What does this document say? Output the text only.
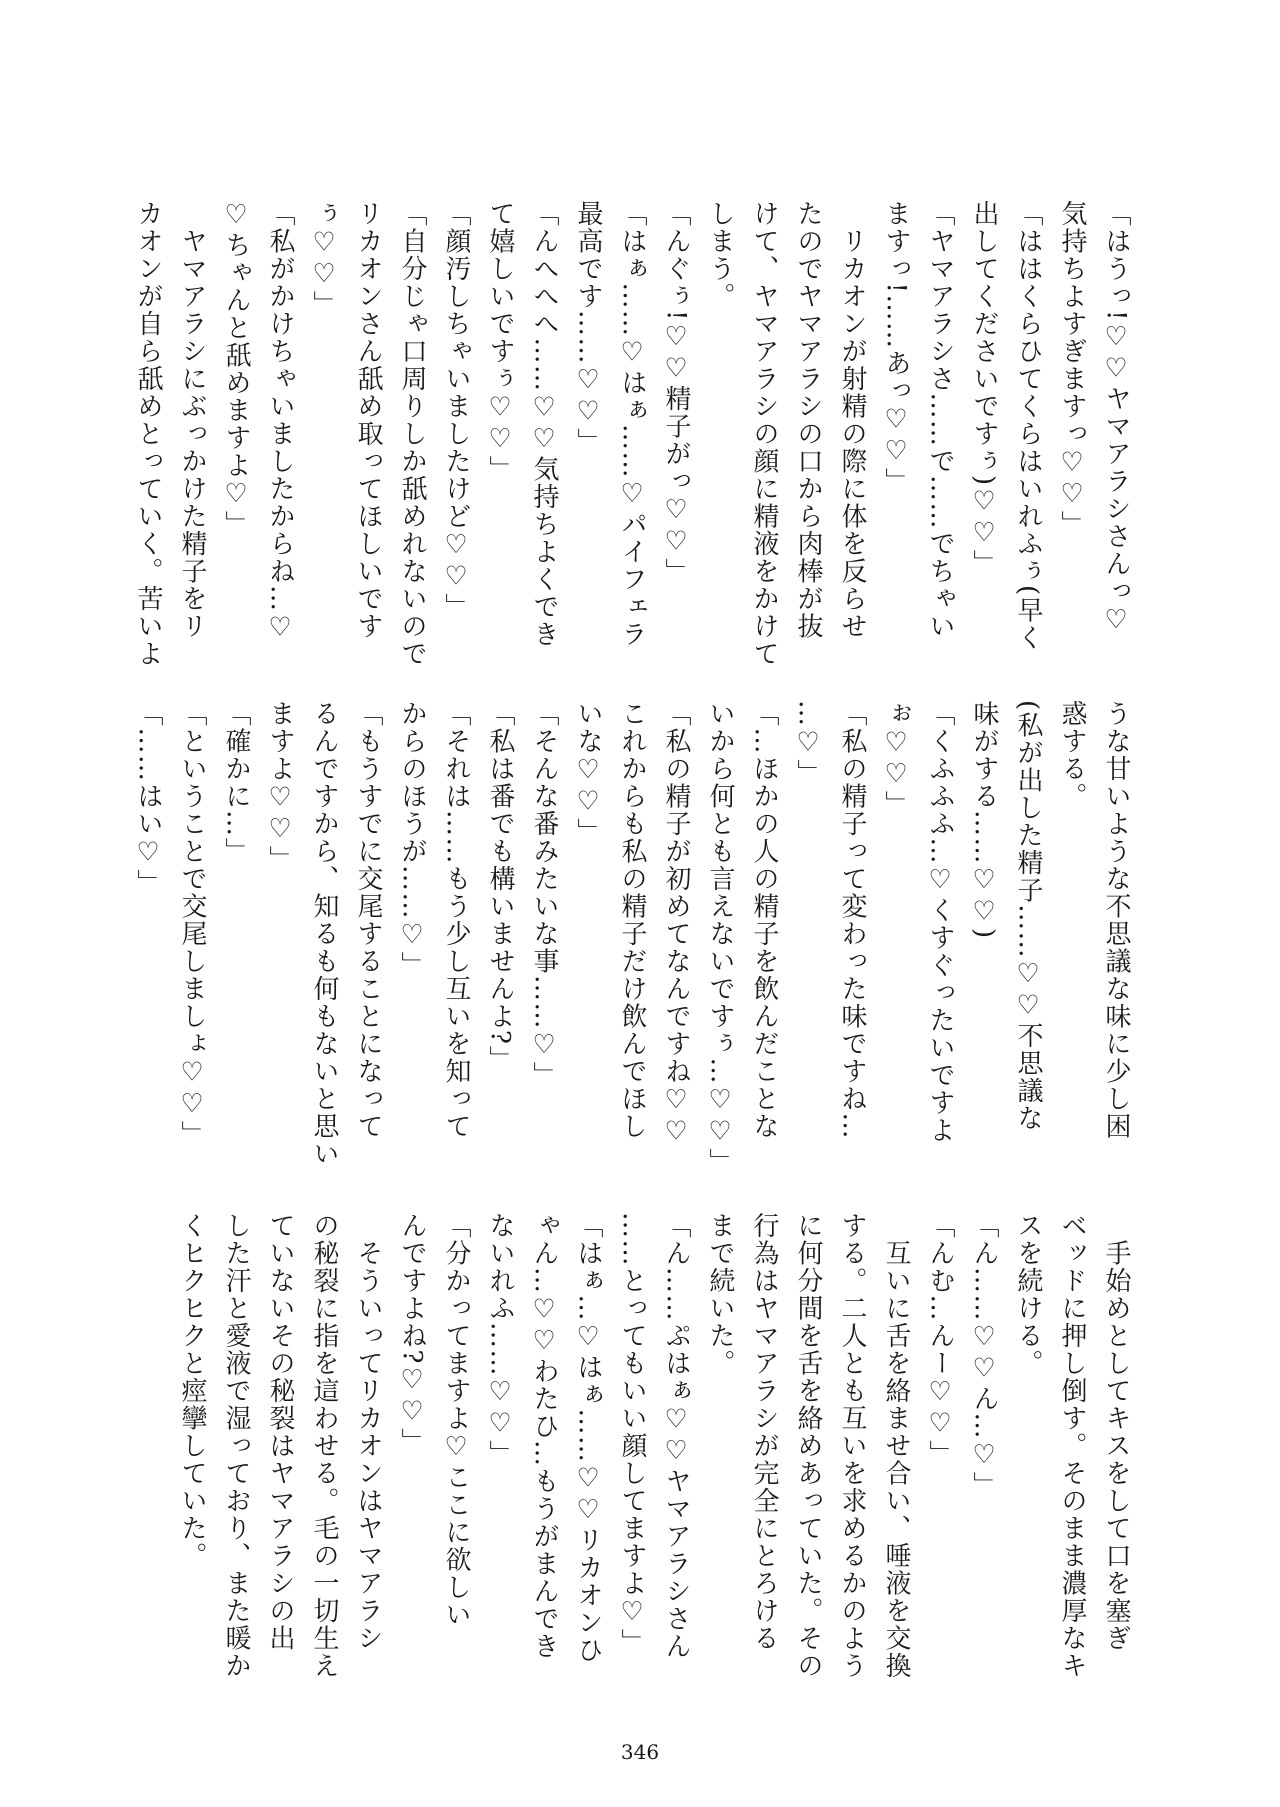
「はうっ!♡♡ヤマアラシさんっ♡
気持ちよすぎますっ♡♡」
「ははくらひてくらはいれふぅ(早く
出してくださいですぅ)♡♡」
「ヤマアラシさ……で……でちゃい
ますっ!……あっ♡♡」
　リカオンが射精の際に体を反らせ
たのでヤマアラシの口から肉棒が抜
けて、ヤマアラシの顔に精液をかけて
しまう。
「んぐぅ!♡♡精子がっ♡♡」
「はぁ……♡はぁ……♡パイフェラ
最高です……♡♡」
「んへへへ……♡♡気持ちよくでき
て嬉しいですぅ♡♡」
「顔汚しちゃいましたけど♡♡」
「自分じゃ口周りしか舐めれないので
リカオンさん舐め取ってほしいです
ぅ♡♡」
「私がかけちゃいましたからね…♡
♡ちゃんと舐めますよ♡」
　ヤマアラシにぶっかけた精子をリ
カオンが自ら舐めとっていく。苦いよ
うな甘いような不思議な味に少し困
惑する。
(私が出した精子……♡♡不思議な
味がする……♡♡)
「くふふふ…♡くすぐったいですよ
ぉ♡♡」
「私の精子って変わった味ですね…
…♡」
「…ほかの人の精子を飲んだことな
いから何とも言えないですぅ…♡♡」
「私の精子が初めてなんですね♡♡
これからも私の精子だけ飲んでほし
いな♡♡」
「そんな番みたいな事……♡」
「私は番でも構いませんよ?」
「それは……もう少し互いを知って
からのほうが……♡」
「もうすでに交尾することになって
るんですから、知るも何もないと思い
ますよ♡♡」
「確かに…」
「ということで交尾しましょ♡♡」
「……はい♡」
　手始めとしてキスをして口を塞ぎ
ベッドに押し倒す。そのまま濃厚なキ
スを続ける。
「ん……♡♡ん…♡」
「んむ…んー♡♡」
　互いに舌を絡ませ合い、唾液を交換
する。二人とも互いを求めるかのよう
に何分間を舌を絡めあっていた。その
行為はヤマアラシが完全にとろける
まで続いた。
「ん……ぷはぁ♡♡ヤマアラシさん
……とってもいい顔してますよ♡」
「はぁ…♡はぁ……♡♡リカオンひ
ゃん…♡♡わたひ…もうがまんでき
ないれふ……♡♡」
「分かってますよ♡ここに欲しい
んですよね?♡♡」
　そういってリカオンはヤマアラシ
の秘裂に指を這わせる。毛の一切生え
ていないその秘裂はヤマアラシの出
した汗と愛液で湿っており、また暖か
くヒクヒクと痙攣していた。
346
